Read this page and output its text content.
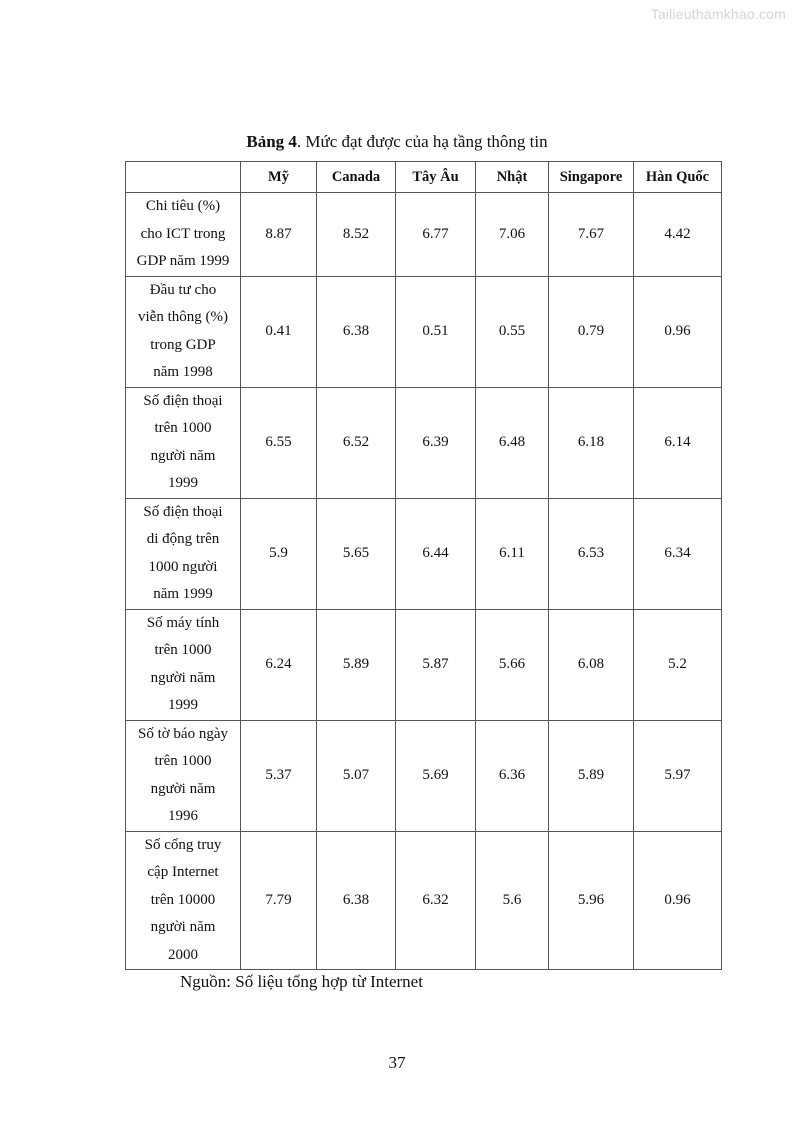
Tailieuthamkhao.com
Bảng 4. Mức đạt được của hạ tầng thông tin
	Mỹ	Canada	Tây Âu	Nhật	Singapore	Hàn Quốc

Chi tiêu (%)
cho ICT trong
GDP năm 1999	8.87	8.52	6.77	7.06	7.67	4.42

Đầu tư cho
viễn thông (%)
trong GDP
năm 1998	0.41	6.38	0.51	0.55	0.79	0.96

Số điện thoại
trên 1000
người năm
1999	6.55	6.52	6.39	6.48	6.18	6.14

Số điện thoại
di động trên
1000 người
năm 1999	5.9	5.65	6.44	6.11	6.53	6.34

Số máy tính
trên 1000
người năm
1999	6.24	5.89	5.87	5.66	6.08	5.2

Số tờ báo ngày
trên 1000
người năm
1996	5.37	5.07	5.69	6.36	5.89	5.97

Số cổng truy
cập Internet
trên 10000
người năm
2000	7.79	6.38	6.32	5.6	5.96	0.96
Nguồn: Số liệu tổng hợp từ Internet
37
